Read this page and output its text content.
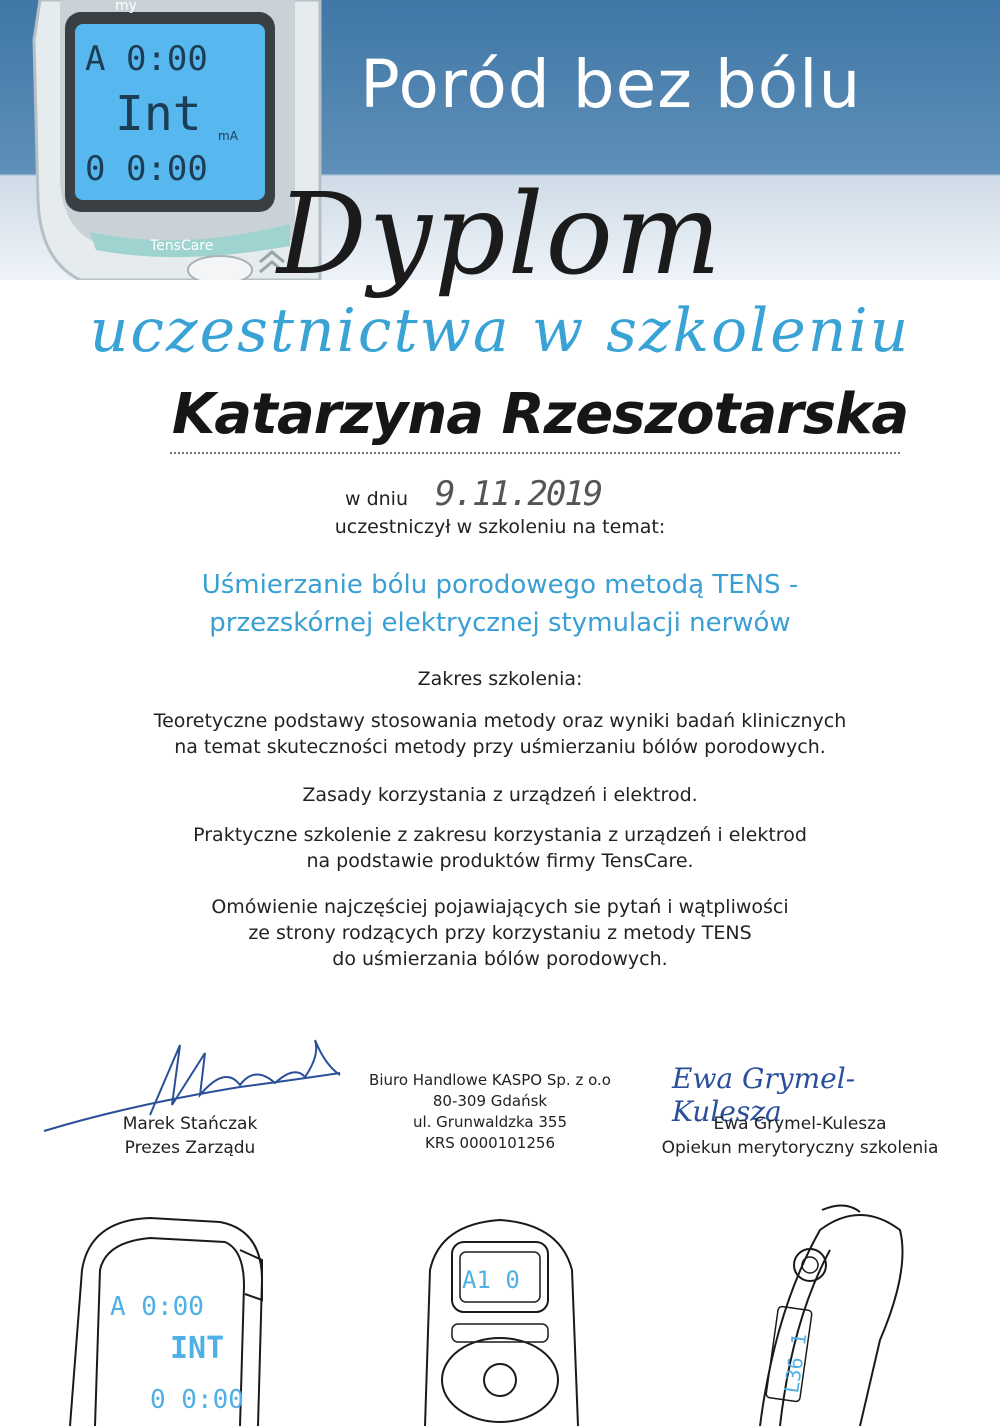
A 0:00
Int mA
0 0:00
TensCare
my
Poród bez bólu
Dyplom
uczestnictwa w szkoleniu
Katarzyna Rzeszotarska
w dniu 9.11.2019
uczestniczył w szkoleniu na temat:
Uśmierzanie bólu porodowego metodą TENS -
przezskórnej elektrycznej stymulacji nerwów
Zakres szkolenia:
Teoretyczne podstawy stosowania metody oraz wyniki badań klinicznych
na temat skuteczności metody przy uśmierzaniu bólów porodowych.
Zasady korzystania z urządzeń i elektrod.
Praktyczne szkolenie z zakresu korzystania z urządzeń i elektrod
na podstawie produktów firmy TensCare.
Omówienie najczęściej pojawiających sie pytań i wątpliwości
ze strony rodzących przy korzystaniu z metody TENS
do uśmierzania bólów porodowych.
Marek Stańczak
Prezes Zarządu
Biuro Handlowe KASPO Sp. z o.o
80-309 Gdańsk
ul. Grunwaldzka 355
KRS 0000101256
Ewa Grymel- Kulesza
Ewa Grymel-Kulesza
Opiekun merytoryczny szkolenia
A 0:00
INT
0 0:00
A1 0
L36 1
